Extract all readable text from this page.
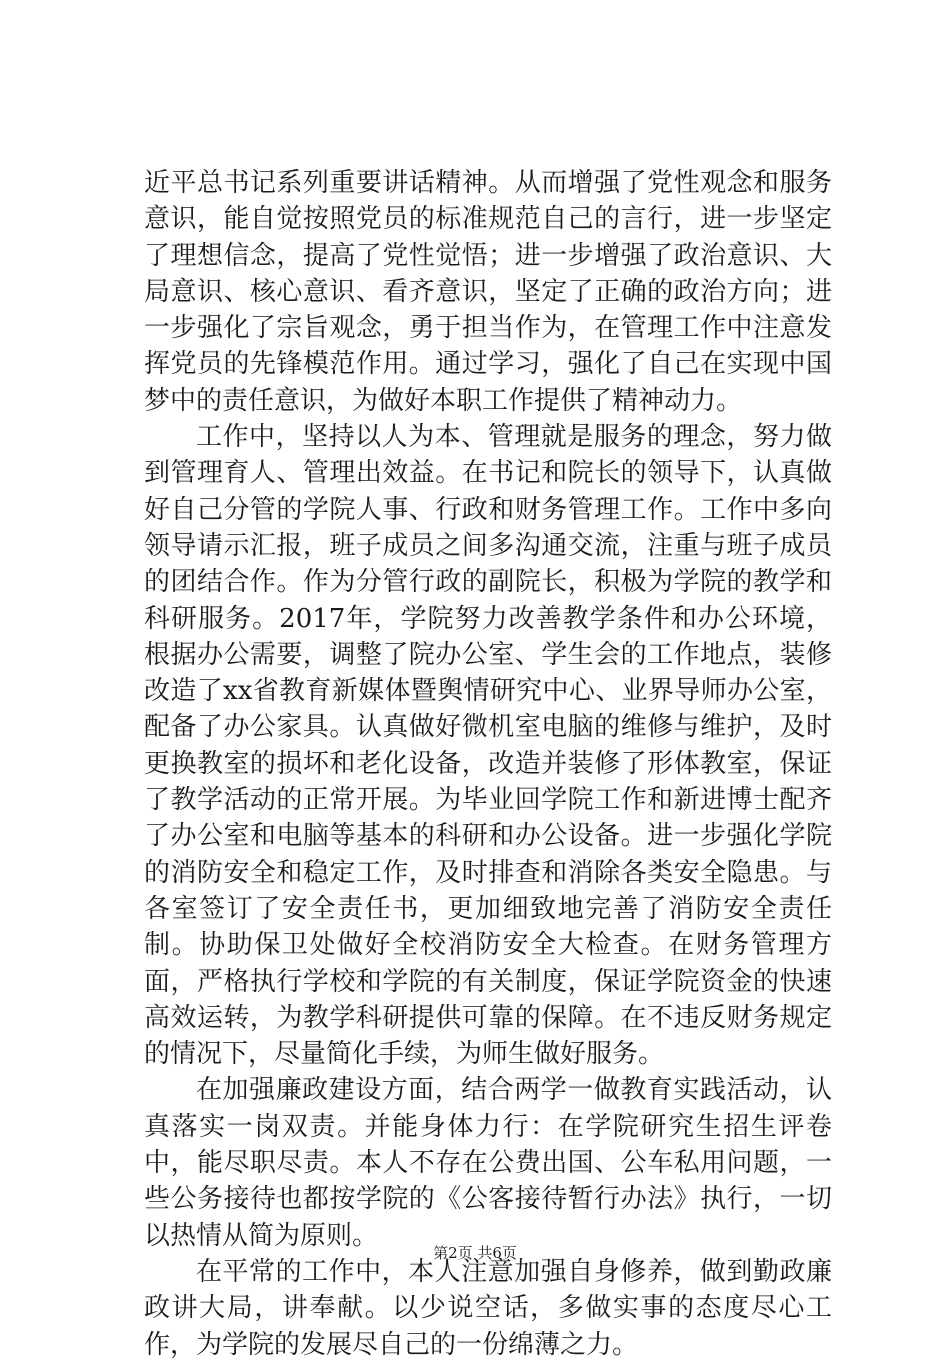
近平总书记系列重要讲话精神。从而增强了党性观念和服务意识，能自觉按照党员的标准规范自己的言行，进一步坚定了理想信念，提高了党性觉悟；进一步增强了政治意识、大局意识、核心意识、看齐意识，坚定了正确的政治方向；进一步强化了宗旨观念，勇于担当作为，在管理工作中注意发挥党员的先锋模范作用。通过学习，强化了自己在实现中国梦中的责任意识，为做好本职工作提供了精神动力。

工作中，坚持以人为本、管理就是服务的理念，努力做到管理育人、管理出效益。在书记和院长的领导下，认真做好自己分管的学院人事、行政和财务管理工作。工作中多向领导请示汇报，班子成员之间多沟通交流，注重与班子成员的团结合作。作为分管行政的副院长，积极为学院的教学和科研服务。2017年，学院努力改善教学条件和办公环境，根据办公需要，调整了院办公室、学生会的工作地点，装修改造了xx省教育新媒体暨舆情研究中心、业界导师办公室，配备了办公家具。认真做好微机室电脑的维修与维护，及时更换教室的损坏和老化设备，改造并装修了形体教室，保证了教学活动的正常开展。为毕业回学院工作和新进博士配齐了办公室和电脑等基本的科研和办公设备。进一步强化学院的消防安全和稳定工作，及时排查和消除各类安全隐患。与各室签订了安全责任书，更加细致地完善了消防安全责任制。协助保卫处做好全校消防安全大检查。在财务管理方面，严格执行学校和学院的有关制度，保证学院资金的快速高效运转，为教学科研提供可靠的保障。在不违反财务规定的情况下，尽量简化手续，为师生做好服务。

在加强廉政建设方面，结合两学一做教育实践活动，认真落实一岗双责。并能身体力行：在学院研究生招生评卷中，能尽职尽责。本人不存在公费出国、公车私用问题，一些公务接待也都按学院的《公客接待暂行办法》执行，一切以热情从简为原则。

在平常的工作中，本人注意加强自身修养，做到勤政廉政讲大局，讲奉献。以少说空话，多做实事的态度尽心工作，为学院的发展尽自己的一份绵薄之力。

第2页 共6页
